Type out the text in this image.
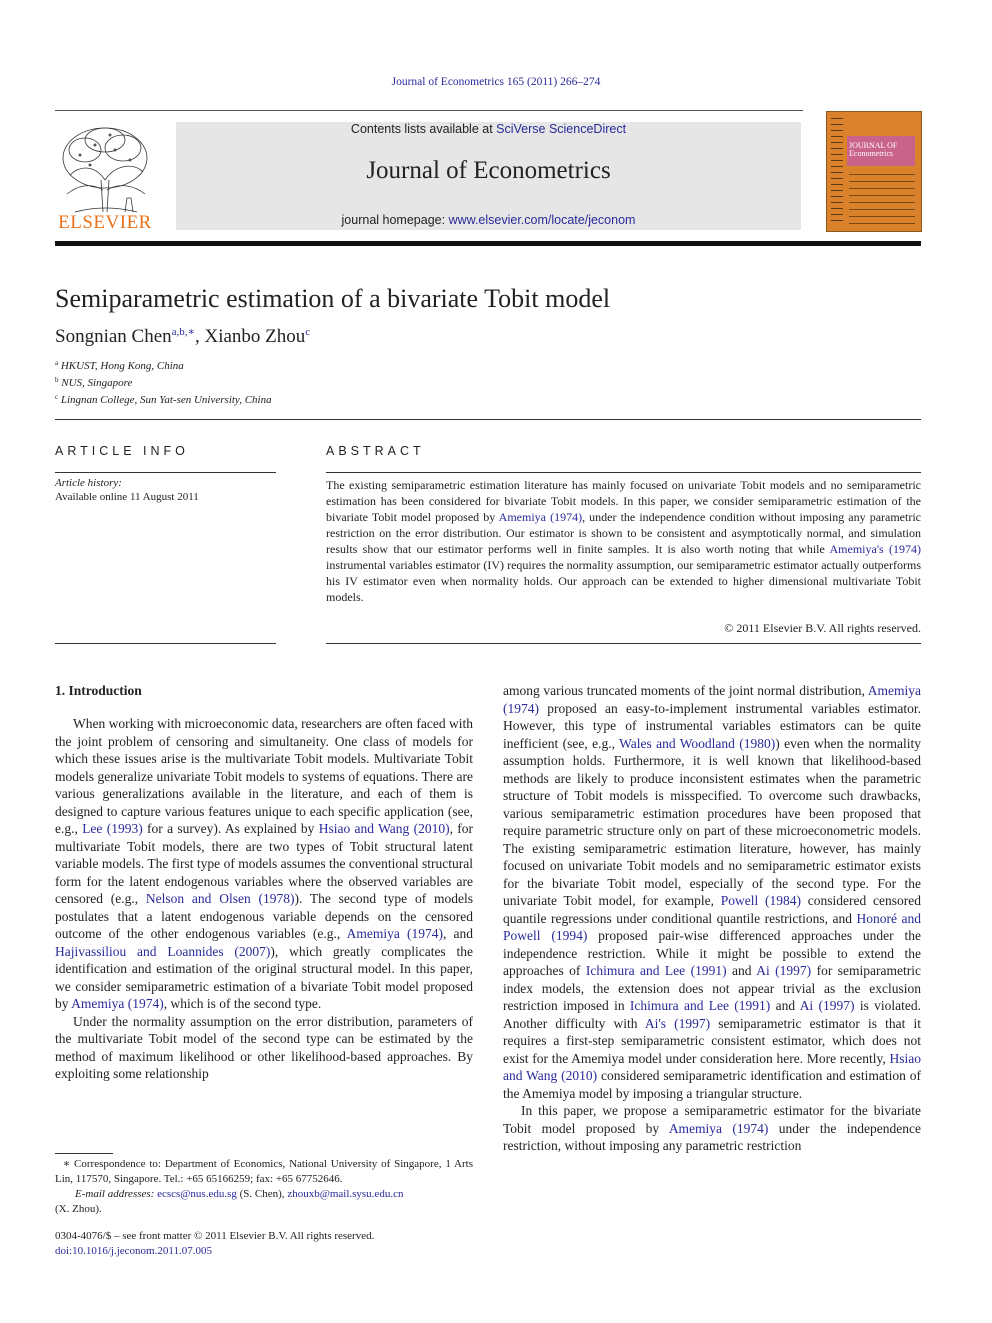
Journal of Econometrics 165 (2011) 266–274
ELSEVIER
Contents lists available at SciVerse ScienceDirect
Journal of Econometrics
journal homepage: www.elsevier.com/locate/jeconom
JOURNAL OF Econometrics
Semiparametric estimation of a bivariate Tobit model
Songnian Chen$^{a,b,∗}$, Xianbo Zhou$^c$
$^a$ HKUST, Hong Kong, China
$^b$ NUS, Singapore
$^c$ Lingnan College, Sun Yat-sen University, China
ARTICLE INFO
Article history:
Available online 11 August 2011
ABSTRACT
The existing semiparametric estimation literature has mainly focused on univariate Tobit models and no semiparametric estimation has been considered for bivariate Tobit models. In this paper, we consider semiparametric estimation of the bivariate Tobit model proposed by Amemiya (1974), under the independence condition without imposing any parametric restriction on the error distribution. Our estimator is shown to be consistent and asymptotically normal, and simulation results show that our estimator performs well in finite samples. It is also worth noting that while Amemiya's (1974) instrumental variables estimator (IV) requires the normality assumption, our semiparametric estimator actually outperforms his IV estimator even when normality holds. Our approach can be extended to higher dimensional multivariate Tobit models.
© 2011 Elsevier B.V. All rights reserved.
1. Introduction

When working with microeconomic data, researchers are often faced with the joint problem of censoring and simultaneity. One class of models for which these issues arise is the multivariate Tobit models. Multivariate Tobit models generalize univariate Tobit models to systems of equations. There are various generalizations available in the literature, and each of them is designed to capture various features unique to each specific application (see, e.g., Lee (1993) for a survey). As explained by Hsiao and Wang (2010), for multivariate Tobit models, there are two types of Tobit structural latent variable models. The first type of models assumes the conventional structural form for the latent endogenous variables where the observed variables are censored (e.g., Nelson and Olsen (1978)). The second type of models postulates that a latent endogenous variable depends on the censored outcome of the other endogenous variables (e.g., Amemiya (1974), and Hajivassiliou and Loannides (2007)), which greatly complicates the identification and estimation of the original structural model. In this paper, we consider semiparametric estimation of a bivariate Tobit model proposed by Amemiya (1974), which is of the second type.

Under the normality assumption on the error distribution, parameters of the multivariate Tobit model of the second type can be estimated by the method of maximum likelihood or other likelihood-based approaches. By exploiting some relationship

among various truncated moments of the joint normal distribution, Amemiya (1974) proposed an easy-to-implement instrumental variables estimator. However, this type of instrumental variables estimators can be quite inefficient (see, e.g., Wales and Woodland (1980)) even when the normality assumption holds. Furthermore, it is well known that likelihood-based methods are likely to produce inconsistent estimates when the parametric structure of Tobit models is misspecified. To overcome such drawbacks, various semiparametric estimation procedures have been proposed that require parametric structure only on part of these microeconometric models. The existing semiparametric estimation literature, however, has mainly focused on univariate Tobit models and no semiparametric estimator exists for the bivariate Tobit model, especially of the second type. For the univariate Tobit model, for example, Powell (1984) considered censored quantile regressions under conditional quantile restrictions, and Honoré and Powell (1994) proposed pair-wise differenced approaches under the independence restriction. While it might be possible to extend the approaches of Ichimura and Lee (1991) and Ai (1997) for semiparametric index models, the extension does not appear trivial as the exclusion restriction imposed in Ichimura and Lee (1991) and Ai (1997) is violated. Another difficulty with Ai's (1997) semiparametric estimator is that it requires a first-step semiparametric consistent estimator, which does not exist for the Amemiya model under consideration here. More recently, Hsiao and Wang (2010) considered semiparametric identification and estimation of the Amemiya model by imposing a triangular structure.

In this paper, we propose a semiparametric estimator for the bivariate Tobit model proposed by Amemiya (1974) under the independence restriction, without imposing any parametric restriction

∗ Correspondence to: Department of Economics, National University of Singapore, 1 Arts Lin, 117570, Singapore. Tel.: +65 65166259; fax: +65 67752646.

E-mail addresses: ecscs@nus.edu.sg (S. Chen), zhouxb@mail.sysu.edu.cn

(X. Zhou).

0304-4076/$ – see front matter © 2011 Elsevier B.V. All rights reserved.
doi:10.1016/j.jeconom.2011.07.005
